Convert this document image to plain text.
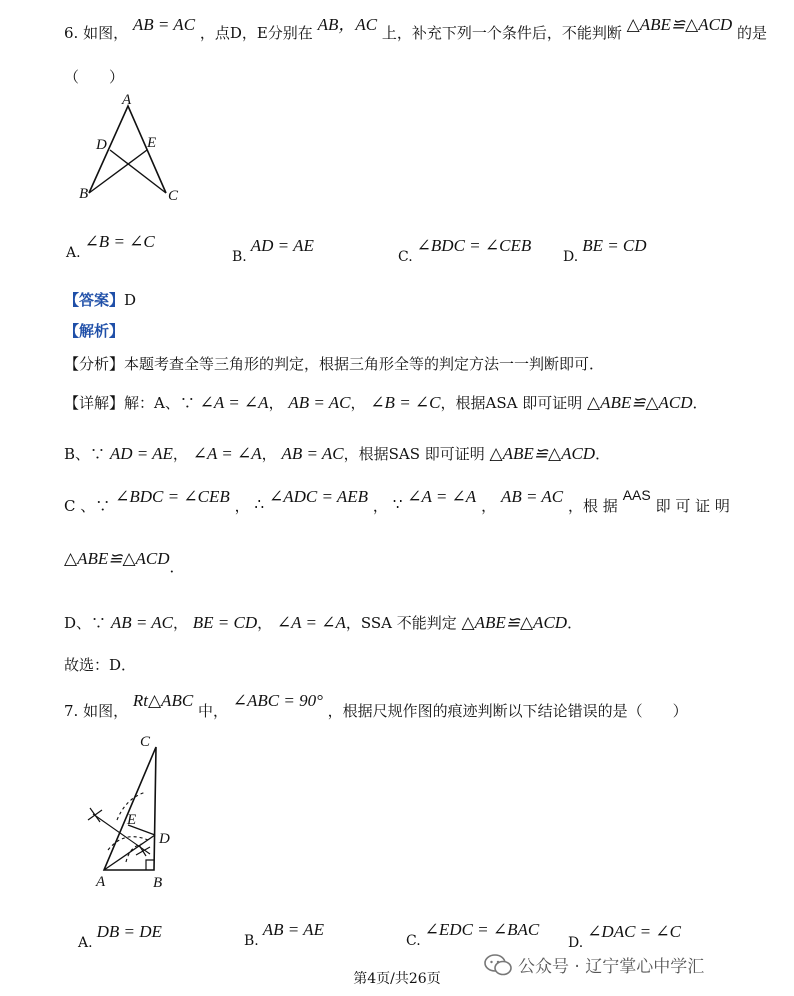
6. 如图， AB = AC ，点D，E分别在 AB，AC 上，补充下列一个条件后，不能判断 △ABE≌△ACD 的是
（　　）
A
D	E
B	C
A.∠B = ∠C
B.AD = AE
C.∠BDC = ∠CEB
D.BE = CD
【答案】D
【解析】
【分析】本题考查全等三角形的判定，根据三角形全等的判定方法一一判断即可．
【详解】解：A、∵ ∠A = ∠A， AB = AC， ∠B = ∠C，根据ASA 即可证明 △ABE≌△ACD．
B、∵ AD = AE， ∠A = ∠A， AB = AC，根据SAS 即可证明 △ABE≌△ACD．
C 、∵ ∠BDC = ∠CEB ， ∴ ∠ADC = AEB ， ∵ ∠A = ∠A ， AB = AC ，根 据
AAS
即 可 证 明
△ABE≌△ACD．
D、∵ AB = AC， BE = CD， ∠A = ∠A，SSA 不能判定 △ABE≌△ACD．
故选：D．
7. 如图， Rt△ABC 中， ∠ABC = 90° ，根据尺规作图的痕迹判断以下结论错误的是（　　）
C
E
D
A	B
A.DB = DE	B.AB = AE
C.∠EDC = ∠BAC
D.∠DAC = ∠C
公众号 · 辽宁掌心中学汇
第4页/共26页
